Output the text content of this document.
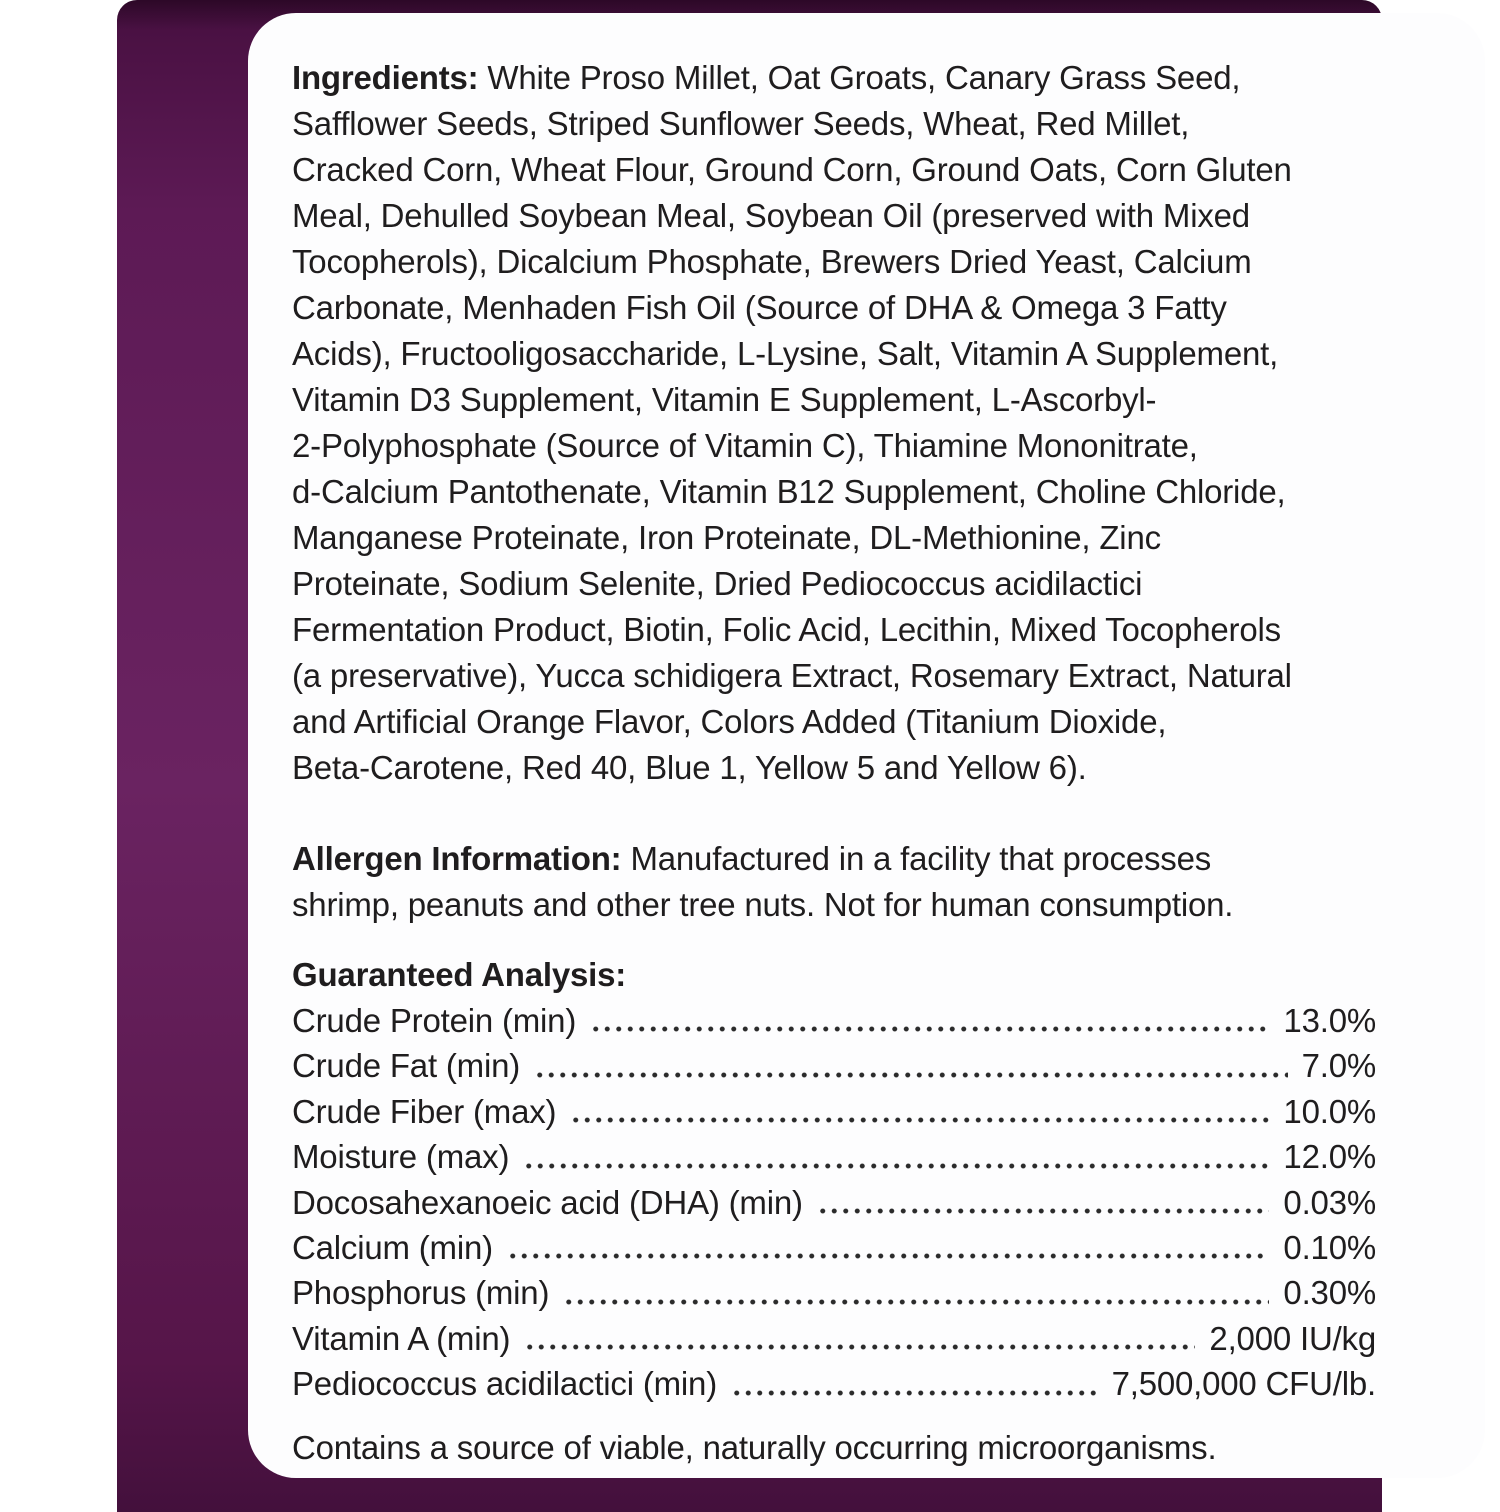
Ingredients: White Proso Millet, Oat Groats, Canary Grass Seed,
Safflower Seeds, Striped Sunflower Seeds, Wheat, Red Millet,
Cracked Corn, Wheat Flour, Ground Corn, Ground Oats, Corn Gluten
Meal, Dehulled Soybean Meal, Soybean Oil (preserved with Mixed
Tocopherols), Dicalcium Phosphate, Brewers Dried Yeast, Calcium
Carbonate, Menhaden Fish Oil (Source of DHA & Omega 3 Fatty
Acids), Fructooligosaccharide, L-Lysine, Salt, Vitamin A Supplement,
Vitamin D3 Supplement, Vitamin E Supplement, L-Ascorbyl-
2-Polyphosphate (Source of Vitamin C), Thiamine Mononitrate,
d-Calcium Pantothenate, Vitamin B12 Supplement, Choline Chloride,
Manganese Proteinate, Iron Proteinate, DL-Methionine, Zinc
Proteinate, Sodium Selenite, Dried Pediococcus acidilactici
Fermentation Product, Biotin, Folic Acid, Lecithin, Mixed Tocopherols
(a preservative), Yucca schidigera Extract, Rosemary Extract, Natural
and Artificial Orange Flavor, Colors Added (Titanium Dioxide,
Beta-Carotene, Red 40, Blue 1, Yellow 5 and Yellow 6).
Allergen Information: Manufactured in a facility that processes
shrimp, peanuts and other tree nuts. Not for human consumption.
Guaranteed Analysis:
Crude Protein (min)	13.0%
Crude Fat (min)	7.0%
Crude Fiber (max)	10.0%
Moisture (max)	12.0%
Docosahexanoeic acid (DHA) (min)	0.03%
Calcium (min)	0.10%
Phosphorus (min)	0.30%
Vitamin A (min)	2,000 IU/kg
Pediococcus acidilactici (min)	7,500,000 CFU/lb.
Contains a source of viable, naturally occurring microorganisms.
